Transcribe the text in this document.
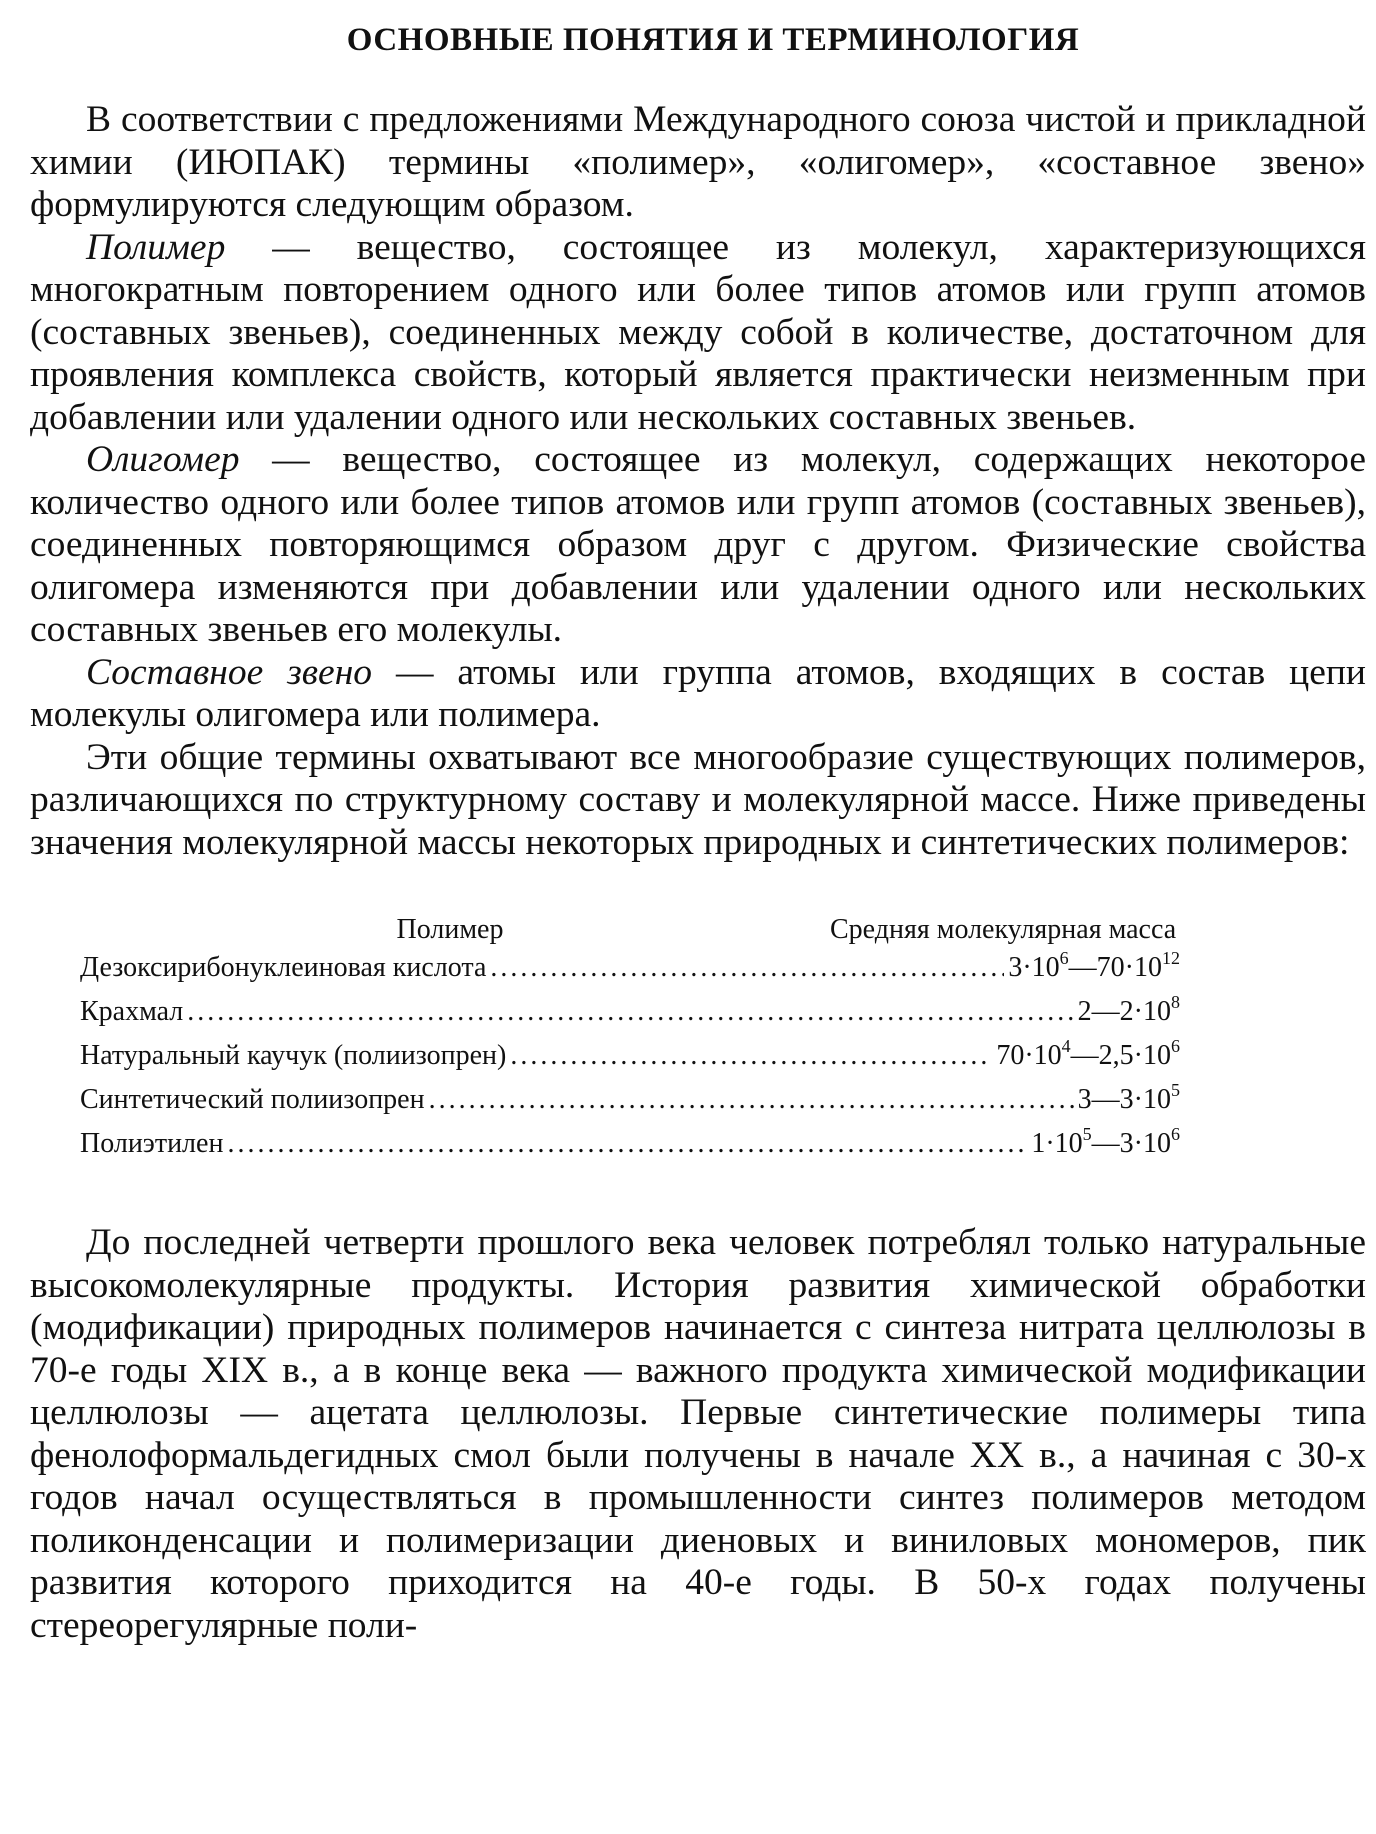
ОСНОВНЫЕ ПОНЯТИЯ И ТЕРМИНОЛОГИЯ

В соответствии с предложениями Международного союза чистой и прикладной химии (ИЮПАК) термины «полимер», «олигомер», «составное звено» формулируются следующим образом.

Полимер — вещество, состоящее из молекул, характеризующихся многократным повторением одного или более типов атомов или групп атомов (составных звеньев), соединенных между собой в количестве, достаточном для проявления комплекса свойств, который является практически неизменным при добавлении или удалении одного или нескольких составных звеньев.

Олигомер — вещество, состоящее из молекул, содержащих некоторое количество одного или более типов атомов или групп атомов (составных звеньев), соединенных повторяющимся образом друг с другом. Физические свойства олигомера изменяются при добавлении или удалении одного или нескольких составных звеньев его молекулы.

Составное звено — атомы или группа атомов, входящих в состав цепи молекулы олигомера или полимера.

Эти общие термины охватывают все многообразие существующих полимеров, различающихся по структурному составу и молекулярной массе. Ниже приведены значения молекулярной массы некоторых природных и синтетических полимеров:

Полимер	Средняя молекулярная масса
Дезоксирибонуклеиновая кислота . . .	$3\cdot 10^6—70\cdot 10^{12}$
Крахмал . . .	$2—2\cdot 10^8$
Натуральный каучук (полиизопрен) . . .	$70\cdot 10^4—2,5\cdot 10^6$
Синтетический полиизопрен . . .	$3—3\cdot 10^5$
Полиэтилен . . .	$1\cdot 10^5—3\cdot 10^6$

До последней четверти прошлого века человек потреблял только натуральные высокомолекулярные продукты. История развития химической обработки (модификации) природных полимеров начинается с синтеза нитрата целлюлозы в 70-е годы XIX в., а в конце века — важного продукта химической модификации целлюлозы — ацетата целлюлозы. Первые синтетические полимеры типа фенолоформальдегидных смол были получены в начале XX в., а начиная с 30-х годов начал осуществляться в промышленности синтез полимеров методом поликонденсации и полимеризации диеновых и виниловых мономеров, пик развития которого приходится на 40-е годы. В 50-х годах получены стереорегулярные поли-
